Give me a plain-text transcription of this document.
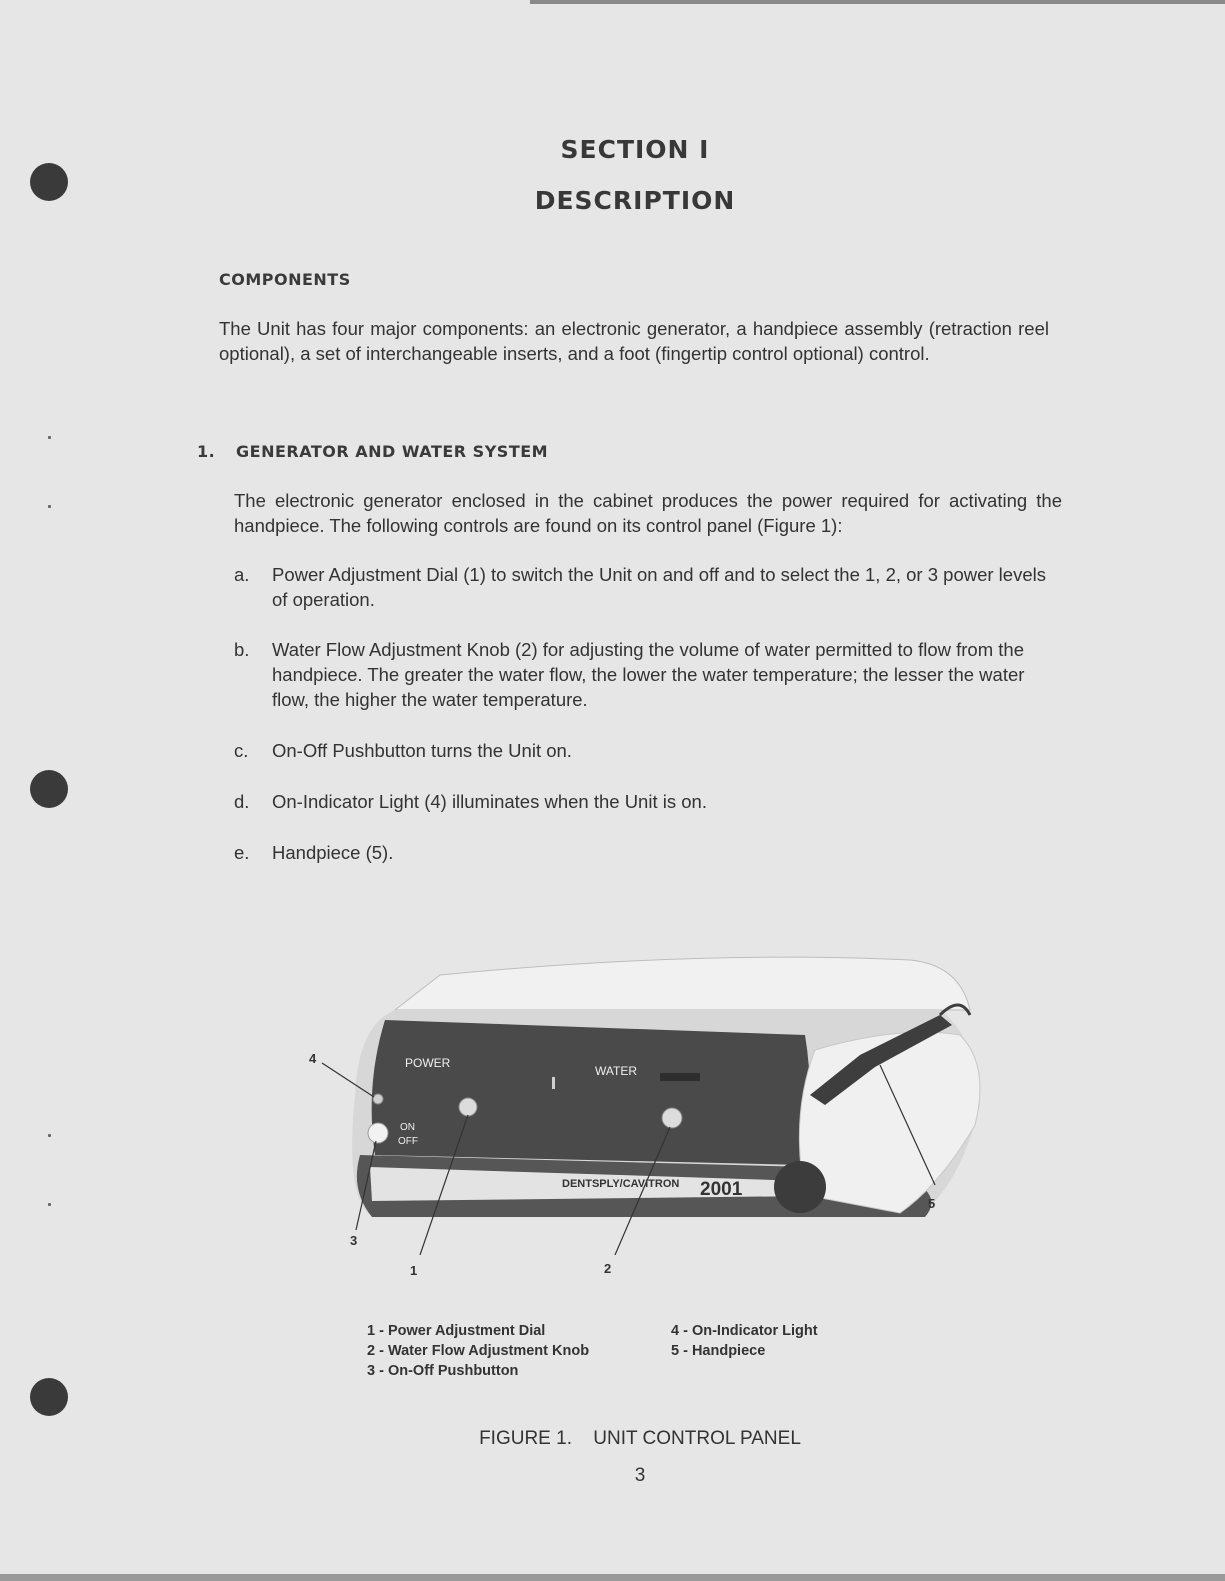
SECTION I
DESCRIPTION
COMPONENTS
The Unit has four major components: an electronic generator, a handpiece assembly (retraction reel optional), a set of interchangeable inserts, and a foot (fingertip control optional) control.
1. GENERATOR AND WATER SYSTEM
The electronic generator enclosed in the cabinet produces the power required for activating the handpiece. The following controls are found on its control panel (Figure 1):
a. Power Adjustment Dial (1) to switch the Unit on and off and to select the 1, 2, or 3 power levels of operation.
b. Water Flow Adjustment Knob (2) for adjusting the volume of water permitted to flow from the handpiece. The greater the water flow, the lower the water temperature; the lesser the water flow, the higher the water temperature.
c. On-Off Pushbutton turns the Unit on.
d. On-Indicator Light (4) illuminates when the Unit is on.
e. Handpiece (5).
POWER
WATER
ON
OFF
DENTSPLY/CAVITRON 2001
4
3
1	2
5
1 - Power Adjustment Dial
2 - Water Flow Adjustment Knob
3 - On-Off Pushbutton
4 - On-Indicator Light
5 - Handpiece
FIGURE 1. UNIT CONTROL PANEL
3
